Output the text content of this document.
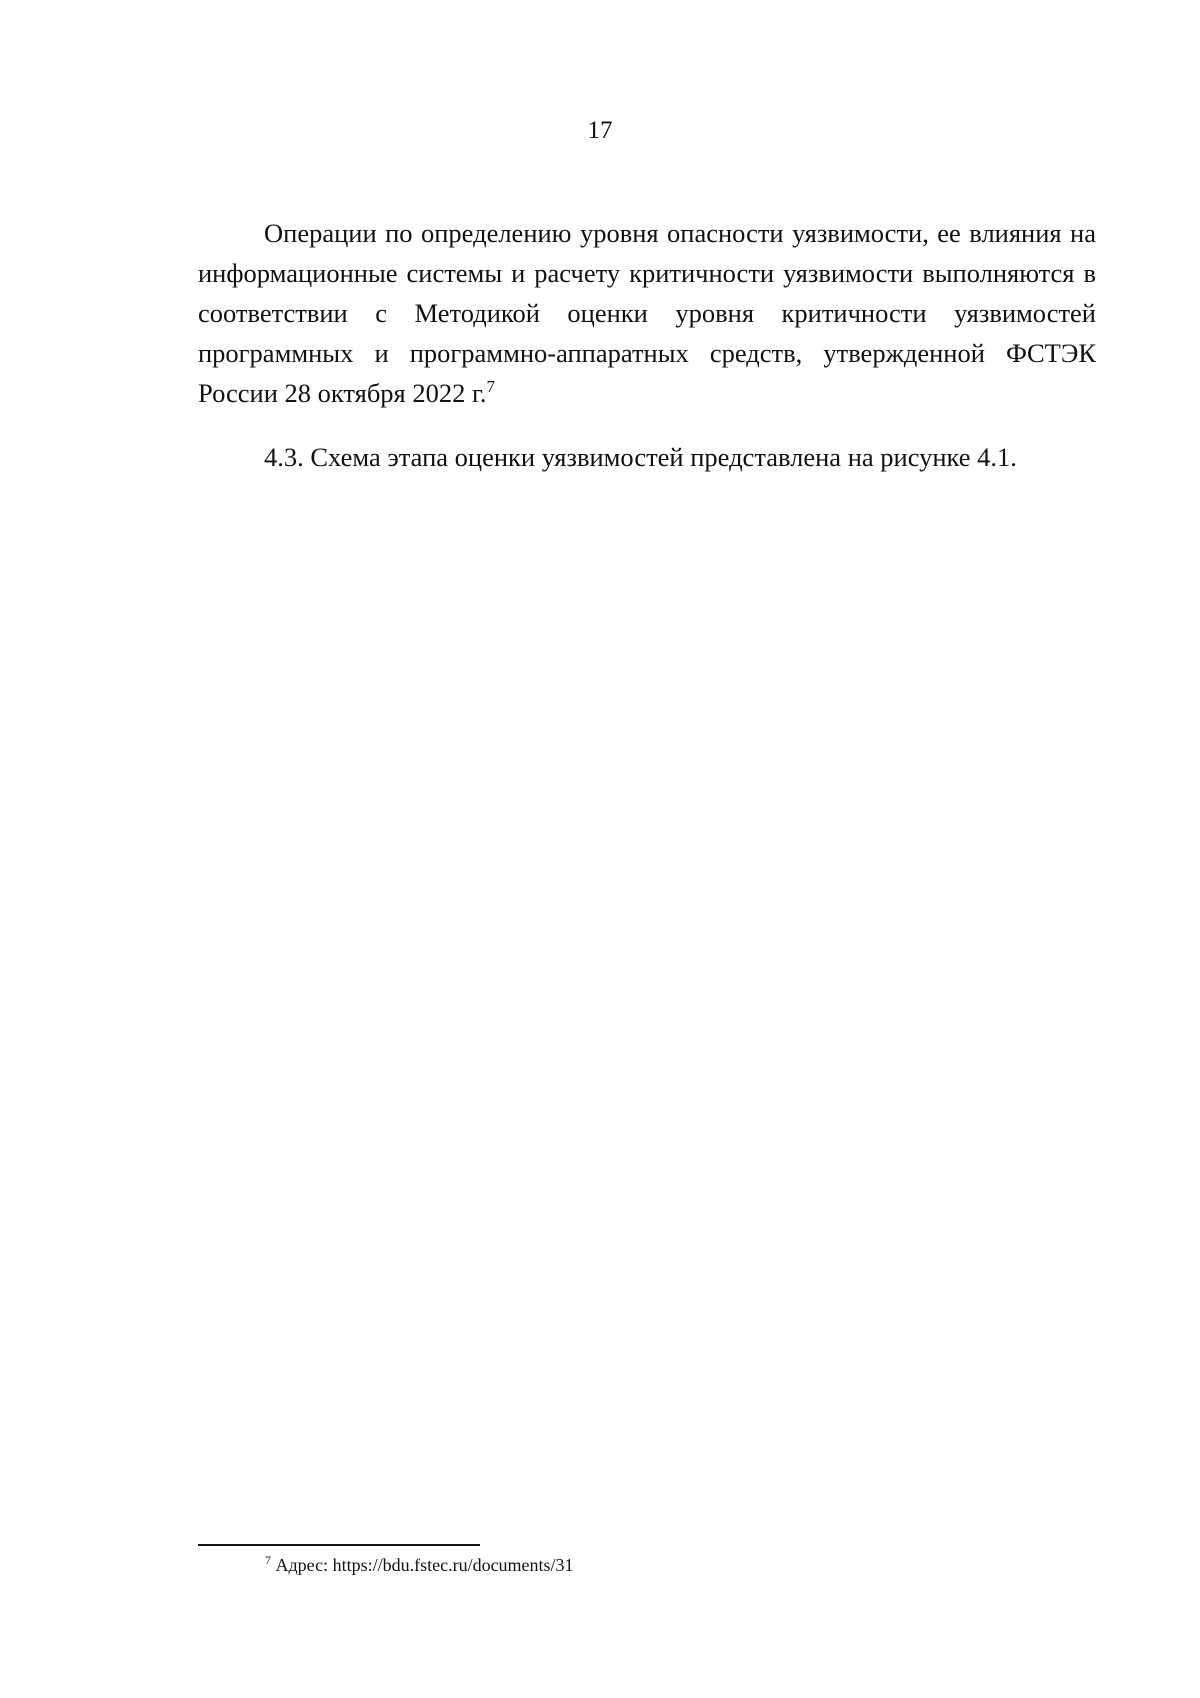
17

Операции по определению уровня опасности уязвимости, ее влияния на информационные системы и расчету критичности уязвимости выполняются в соответствии с Методикой оценки уровня критичности уязвимостей программных и программно-аппаратных средств, утвержденной ФСТЭК России 28 октября 2022 г.$^7$

4.3. Схема этапа оценки уязвимостей представлена на рисунке 4.1.

$^7$ Адрес: https://bdu.fstec.ru/documents/31
